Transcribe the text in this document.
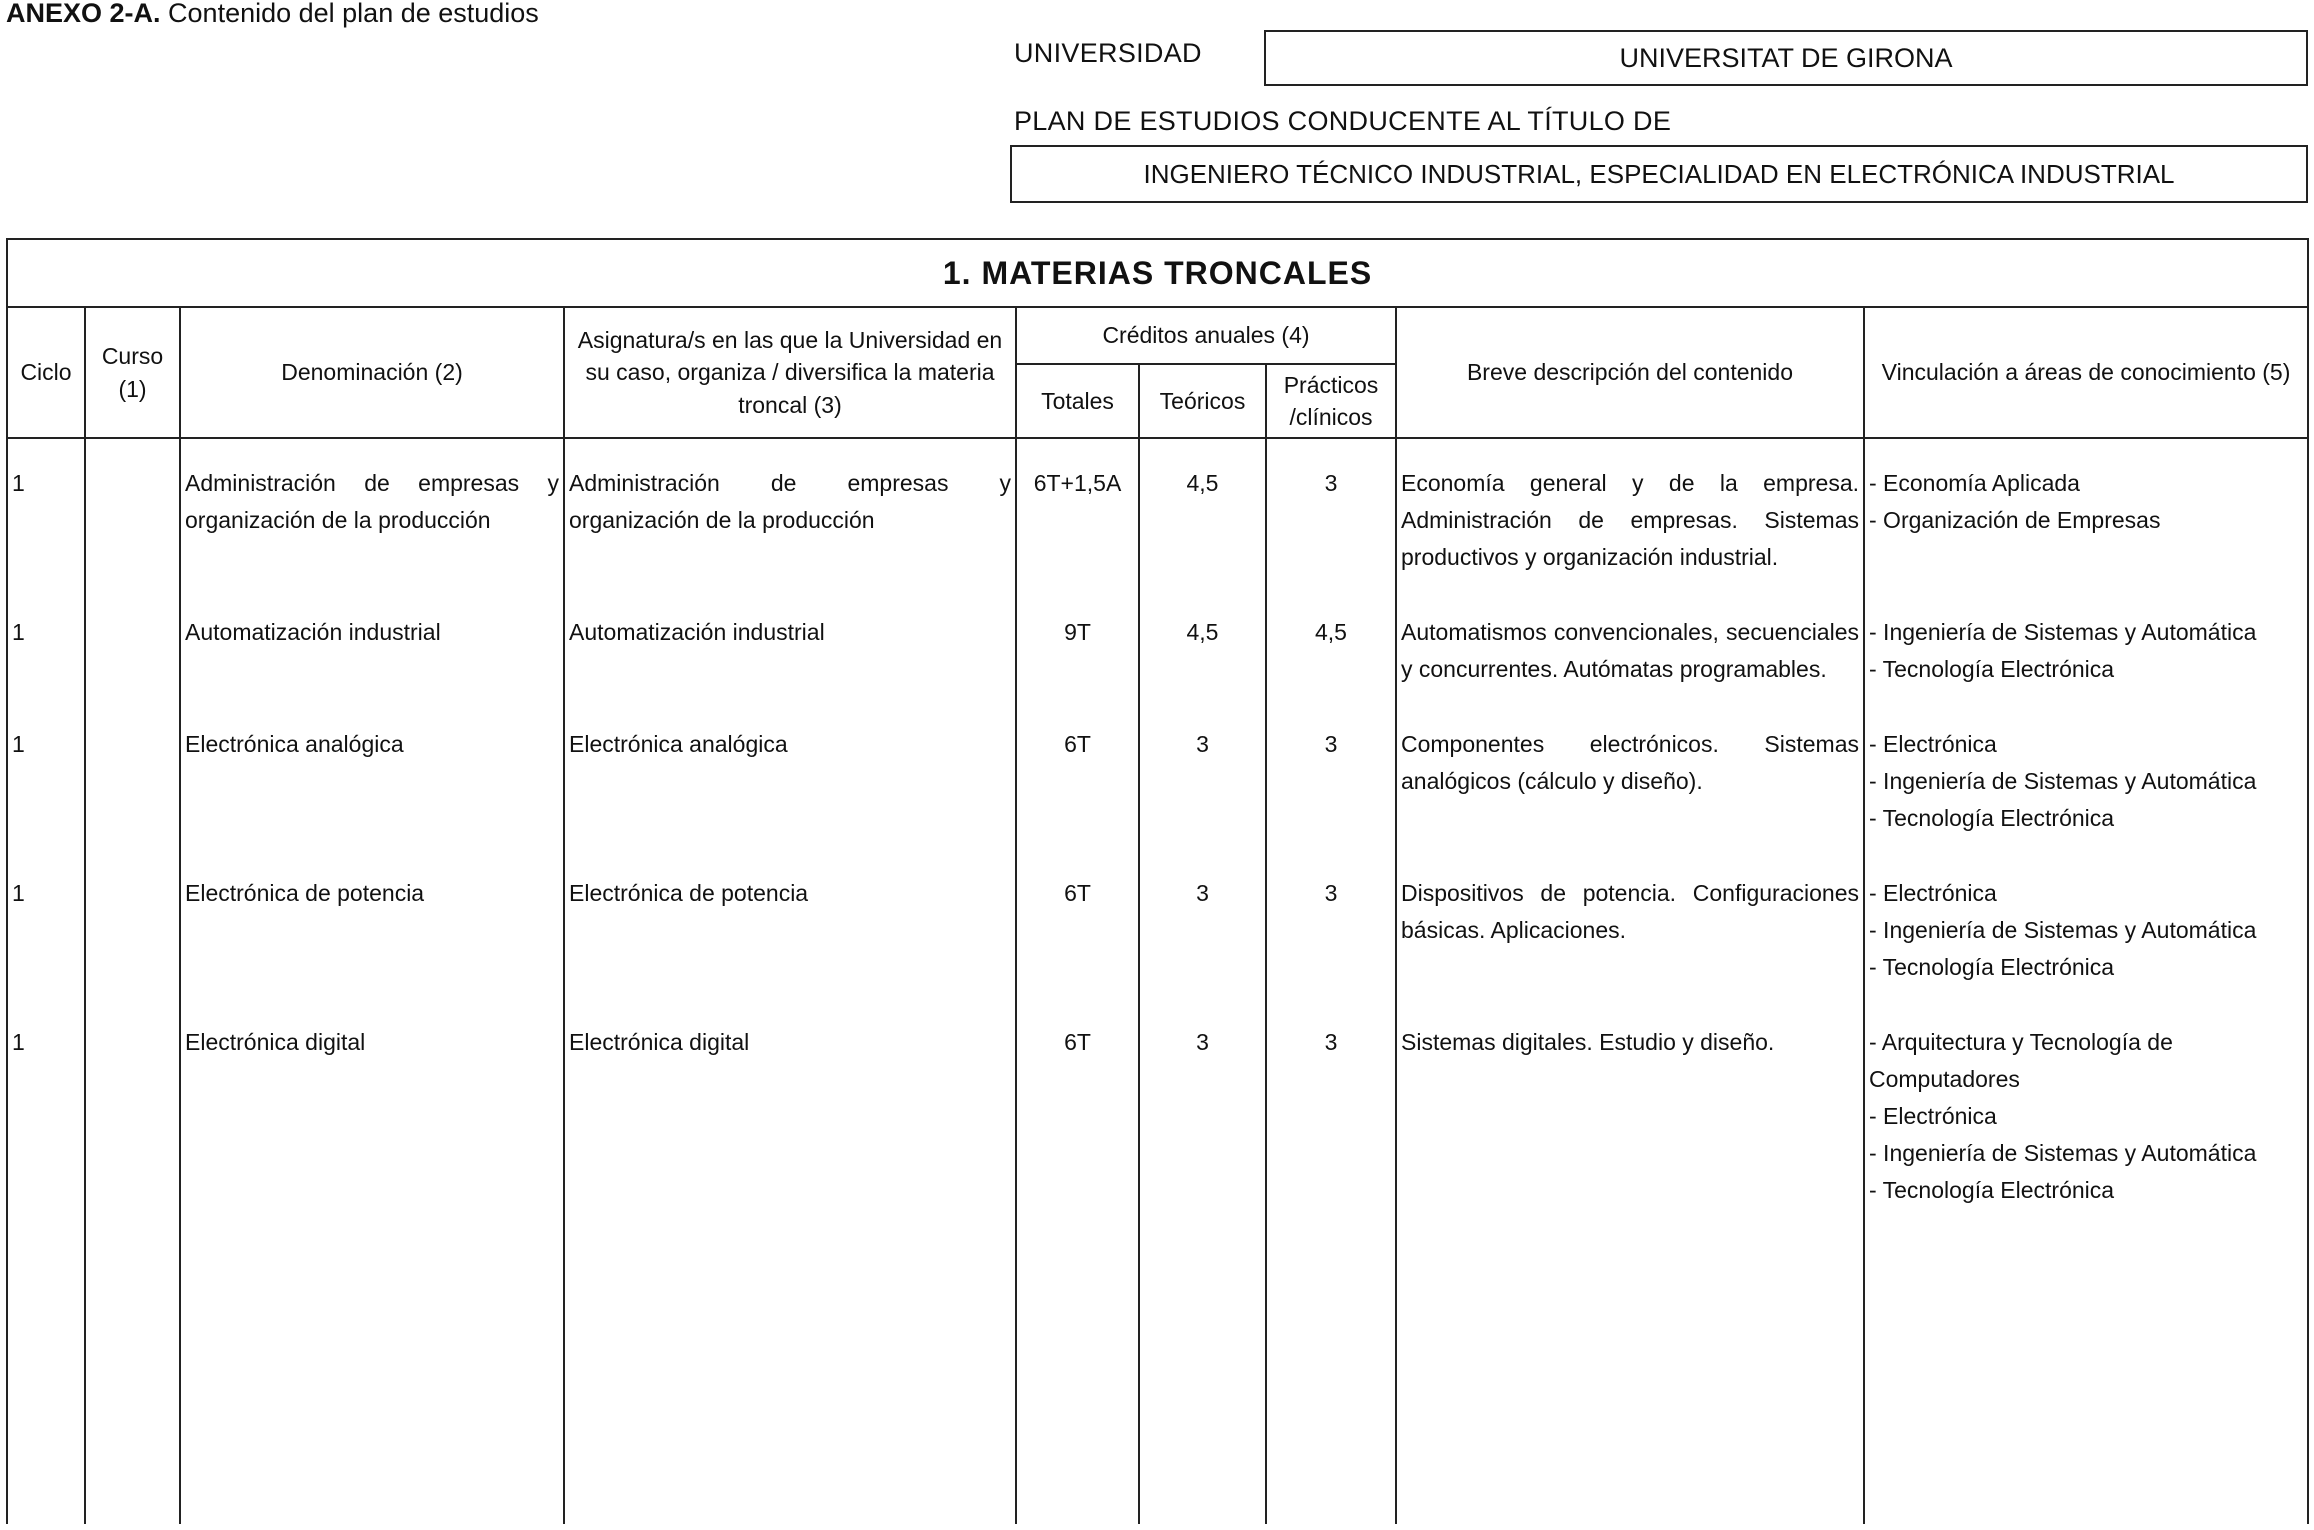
ANEXO 2-A. Contenido del plan de estudios
UNIVERSIDAD	UNIVERSITAT DE GIRONA
PLAN DE ESTUDIOS CONDUCENTE AL TÍTULO DE
INGENIERO TÉCNICO INDUSTRIAL, ESPECIALIDAD EN ELECTRÓNICA INDUSTRIAL
1. MATERIAS TRONCALES								
Ciclo	Curso (1)	Denominación (2)	Asignatura/s en las que la Universidad en su caso, organiza / diversifica la materia troncal (3)	Créditos anuales (4)			Breve descripción del contenido	Vinculación a áreas de conocimiento (5)
				Totales	Teóricos	Prácticos /clínicos		
1		Administración de empresas y organización de la producción	Administración de empresas y organización de la producción	6T+1,5A	4,5	3	Economía general y de la empresa. Administración de empresas. Sistemas productivos y organización industrial.	- Economía Aplicada
- Organización de Empresas

1		Automatización industrial	Automatización industrial	9T	4,5	4,5	Automatismos convencionales, secuenciales y concurrentes. Autómatas programables.	- Ingeniería de Sistemas y Automática
- Tecnología Electrónica

1		Electrónica analógica	Electrónica analógica	6T	3	3	Componentes electrónicos. Sistemas analógicos (cálculo y diseño).	- Electrónica
- Ingeniería de Sistemas y Automática
- Tecnología Electrónica

1		Electrónica de potencia	Electrónica de potencia	6T	3	3	Dispositivos de potencia. Configuraciones básicas. Aplicaciones.	- Electrónica
- Ingeniería de Sistemas y Automática
- Tecnología Electrónica

1		Electrónica digital	Electrónica digital	6T	3	3	Sistemas digitales. Estudio y diseño.	- Arquitectura y Tecnología de Computadores
- Electrónica
- Ingeniería de Sistemas y Automática
- Tecnología Electrónica
